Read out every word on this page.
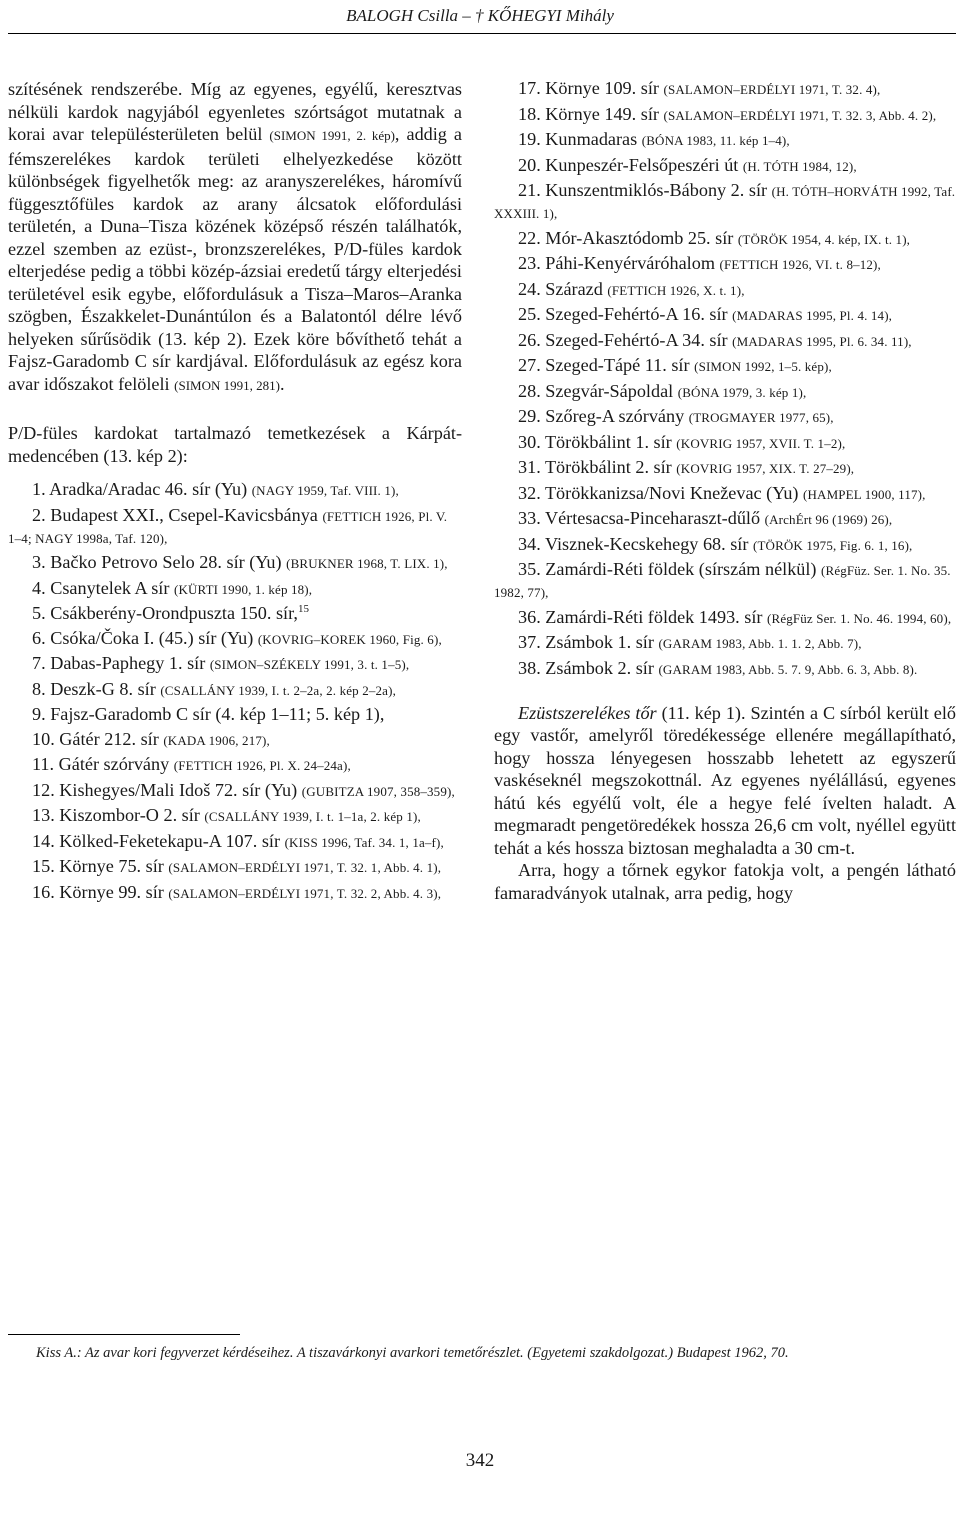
BALOGH Csilla – † KŐHEGYI Mihály

szítésének rendszerébe. Míg az egyenes, egyélű, keresztvas nélküli kardok nagyjából egyenletes szórtságot mutatnak a korai avar településterületen belül (SIMON 1991, 2. kép), addig a fémszerelékes kardok területi elhelyezkedése között különbségek figyelhetők meg: az aranyszerelékes, háromívű függesztőfüles kardok az arany álcsatok előfordulási területén, a Duna–Tisza közének középső részén találhatók, ezzel szemben az ezüst-, bronzszerelékes, P/D-füles kardok elterjedése pedig a többi közép-ázsiai eredetű tárgy elterjedési területével esik egybe, előfordulásuk a Tisza–Maros–Aranka szögben, Északkelet-Dunántúlon és a Balatontól délre lévő helyeken sűrűsödik (13. kép 2). Ezek köre bővíthető tehát a Fajsz-Garadomb C sír kardjával. Előfordulásuk az egész kora avar időszakot felöleli (SIMON 1991, 281).

P/D-füles kardokat tartalmazó temetkezések a Kárpát-medencében (13. kép 2):

1. Aradka/Aradac 46. sír (Yu) (NAGY 1959, Taf. VIII. 1),
2. Budapest XXI., Csepel-Kavicsbánya (FETTICH 1926, Pl. V. 1–4; NAGY 1998a, Taf. 120),
3. Bačko Petrovo Selo 28. sír (Yu) (BRUKNER 1968, T. LIX. 1),
4. Csanytelek A sír (KÜRTI 1990, 1. kép 18),
5. Csákberény-Orondpuszta 150. sír,$^{15}$
6. Csóka/Čoka I. (45.) sír (Yu) (KOVRIG–KOREK 1960, Fig. 6),
7. Dabas-Paphegy 1. sír (SIMON–SZÉKELY 1991, 3. t. 1–5),
8. Deszk-G 8. sír (CSALLÁNY 1939, I. t. 2–2a, 2. kép 2–2a),
9. Fajsz-Garadomb C sír (4. kép 1–11; 5. kép 1),
10. Gátér 212. sír (KADA 1906, 217),
11. Gátér szórvány (FETTICH 1926, Pl. X. 24–24a),
12. Kishegyes/Mali Idoš 72. sír (Yu) (GUBITZA 1907, 358–359),
13. Kiszombor-O 2. sír (CSALLÁNY 1939, I. t. 1–1a, 2. kép 1),
14. Kölked-Feketekapu-A 107. sír (KISS 1996, Taf. 34. 1, 1a–f),
15. Környe 75. sír (SALAMON–ERDÉLYI 1971, T. 32. 1, Abb. 4. 1),
16. Környe 99. sír (SALAMON–ERDÉLYI 1971, T. 32. 2, Abb. 4. 3),
17. Környe 109. sír (SALAMON–ERDÉLYI 1971, T. 32. 4),
18. Környe 149. sír (SALAMON–ERDÉLYI 1971, T. 32. 3, Abb. 4. 2),
19. Kunmadaras (BÓNA 1983, 11. kép 1–4),
20. Kunpeszér-Felsőpeszéri út (H. TÓTH 1984, 12),
21. Kunszentmiklós-Bábony 2. sír (H. TÓTH–HORVÁTH 1992, Taf. XXXIII. 1),
22. Mór-Akasztódomb 25. sír (TÖRÖK 1954, 4. kép, IX. t. 1),
23. Páhi-Kenyérváróhalom (FETTICH 1926, VI. t. 8–12),
24. Szárazd (FETTICH 1926, X. t. 1),
25. Szeged-Fehértó-A 16. sír (MADARAS 1995, Pl. 4. 14),
26. Szeged-Fehértó-A 34. sír (MADARAS 1995, Pl. 6. 34. 11),
27. Szeged-Tápé 11. sír (SIMON 1992, 1–5. kép),
28. Szegvár-Sápoldal (BÓNA 1979, 3. kép 1),
29. Szőreg-A szórvány (TROGMAYER 1977, 65),
30. Törökbálint 1. sír (KOVRIG 1957, XVII. T. 1–2),
31. Törökbálint 2. sír (KOVRIG 1957, XIX. T. 27–29),
32. Törökkanizsa/Novi Kneževac (Yu) (HAMPEL 1900, 117),
33. Vértesacsa-Pinceharaszt-dűlő (ArchÉrt 96 (1969) 26),
34. Visznek-Kecskehegy 68. sír (TÖRÖK 1975, Fig. 6. 1, 16),
35. Zamárdi-Réti földek (sírszám nélkül) (RégFüz. Ser. 1. No. 35. 1982, 77),
36. Zamárdi-Réti földek 1493. sír (RégFüz Ser. 1. No. 46. 1994, 60),
37. Zsámbok 1. sír (GARAM 1983, Abb. 1. 1. 2, Abb. 7),
38. Zsámbok 2. sír (GARAM 1983, Abb. 5. 7. 9, Abb. 6. 3, Abb. 8).

Ezüstszerelékes tőr (11. kép 1). Szintén a C sírból került elő egy vastőr, amelyről töredékessége ellenére megállapítható, hogy hossza lényegesen hosszabb lehetett az egyszerű vaskéseknél megszokottnál. Az egyenes nyélállású, egyenes hátú kés egyélű volt, éle a hegye felé ívelten haladt. A megmaradt pengetöredékek hossza 26,6 cm volt, nyéllel együtt tehát a kés hossza biztosan meghaladta a 30 cm-t.

Arra, hogy a tőrnek egykor fatokja volt, a pengén látható famaradványok utalnak, arra pedig, hogy

Kiss A.: Az avar kori fegyverzet kérdéseihez. A tiszavárkonyi avarkori temetőrészlet. (Egyetemi szakdolgozat.) Budapest 1962, 70.
342
